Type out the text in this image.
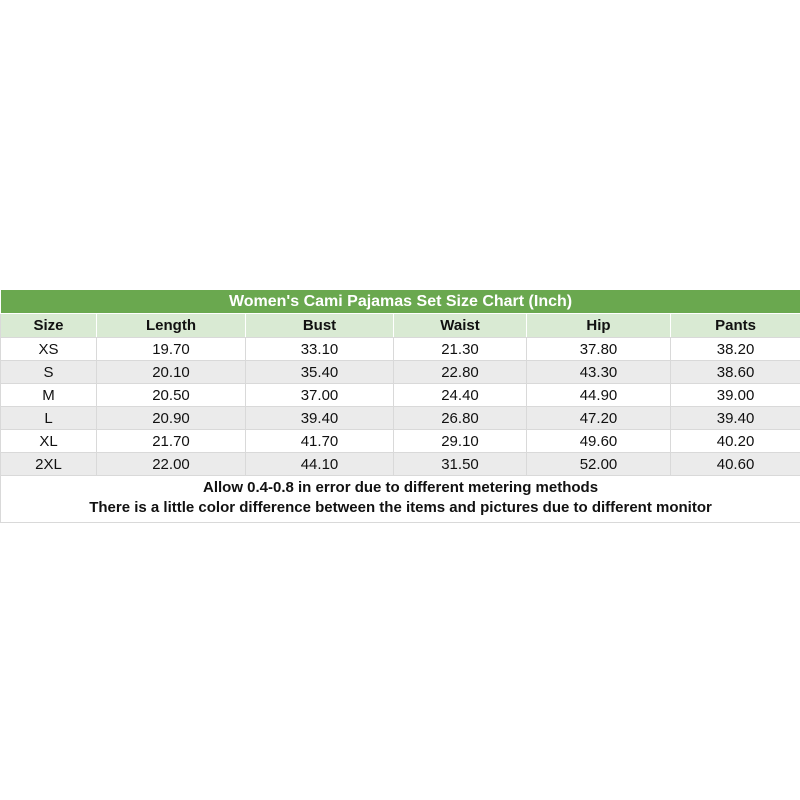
Women's Cami Pajamas Set Size Chart (Inch)					
Size	Length	Bust	Waist	Hip	Pants
XS	19.70	33.10	21.30	37.80	38.20
S	20.10	35.40	22.80	43.30	38.60
M	20.50	37.00	24.40	44.90	39.00
L	20.90	39.40	26.80	47.20	39.40
XL	21.70	41.70	29.10	49.60	40.20
2XL	22.00	44.10	31.50	52.00	40.60

Allow 0.4-0.8 in error due to different metering methods
There is a little color difference between the items and pictures due to different monitor					
